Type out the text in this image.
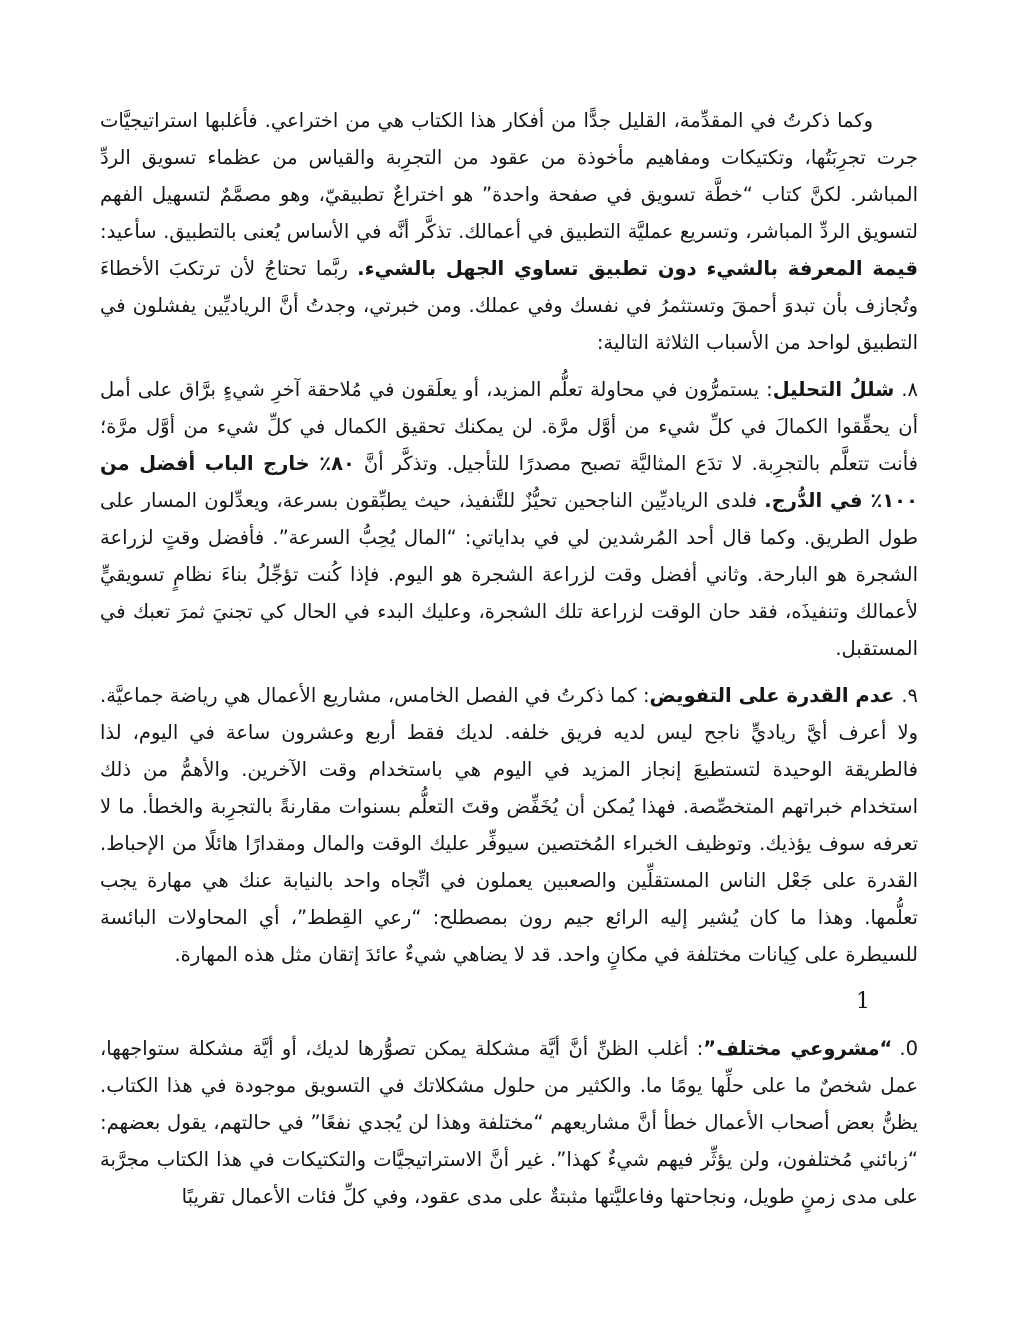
وكما ذكرتُ في المقدِّمة، القليل جدًّا من أفكار هذا الكتاب هي من اختراعي. فأغلبها استراتيجيَّات جرت تجرِبَتُها، وتكتيكات ومفاهيم مأخوذة من عقود من التجرِبة والقياس من عظماء تسويق الردِّ المباشر. لكنَّ كتاب “خطَّة تسويق في صفحة واحدة” هو اختراعٌ تطبيقيّ، وهو مصمَّمٌ لتسهيل الفهم لتسويق الردِّ المباشر، وتسريع عمليَّة التطبيق في أعمالك. تذكَّر أنَّه في الأساس يُعنى بالتطبيق. سأعيد: قيمة المعرفة بالشيء دون تطبيق تساوي الجهل بالشيء. ربَّما تحتاجُ لأن ترتكبَ الأخطاءَ وتُجازف بأن تبدوَ أحمقَ وتستثمرُ في نفسك وفي عملك. ومن خبرتي، وجدتُ أنَّ الرياديِّين يفشلون في التطبيق لواحد من الأسباب الثلاثة التالية:

٨.شللُ التحليل: يستمرُّون في محاولة تعلُّم المزيد، أو يعلَقون في مُلاحقة آخرِ شيءٍ برَّاق على أمل أن يحقِّقوا الكمالَ في كلِّ شيء من أوَّل مرَّة. لن يمكنك تحقيق الكمال في كلِّ شيء من أوَّل مرَّة؛ فأنت تتعلَّم بالتجرِبة. لا تدَع المثاليَّة تصبح مصدرًا للتأجيل. وتذكَّر أنَّ ٨٠٪ خارج الباب أفضل من ١٠٠٪ في الدُّرج. فلدى الرياديِّين الناجحين تحيُّزٌ للتَّنفيذ، حيث يطبِّقون بسرعة، ويعدِّلون المسار على طول الطريق. وكما قال أحد المُرشدين لي في بداياتي: “المال يُحِبُّ السرعة”. فأفضل وقتٍ لزراعة الشجرة هو البارحة. وثاني أفضل وقت لزراعة الشجرة هو اليوم. فإذا كُنت تؤجِّلُ بناءَ نظامٍ تسويقيٍّ لأعمالك وتنفيذَه، فقد حان الوقت لزراعة تلك الشجرة، وعليك البدء في الحال كي تجنيَ ثمرَ تعبك في المستقبل.

٩.عدم القدرة على التفويض: كما ذكرتُ في الفصل الخامس، مشاريع الأعمال هي رياضة جماعيَّة. ولا أعرف أيَّ رياديٍّ ناجح ليس لديه فريق خلفه. لديك فقط أربع وعشرون ساعة في اليوم، لذا فالطريقة الوحيدة لتستطيعَ إنجاز المزيد في اليوم هي باستخدام وقت الآخرين. والأهمُّ من ذلك استخدام خبراتهم المتخصِّصة. فهذا يُمكن أن يُخَفِّض وقتَ التعلُّم بسنوات مقارنةً بالتجرِبة والخطأ. ما لا تعرفه سوف يؤذيك. وتوظيف الخبراء المُختصين سيوفِّر عليك الوقت والمال ومقدارًا هائلًا من الإحباط. القدرة على جَعْل الناس المستقلِّين والصعبين يعملون في اتِّجاه واحد بالنيابة عنك هي مهارة يجب تعلُّمها. وهذا ما كان يُشير إليه الرائع جيم رون بمصطلح: “رعي القِطط”، أي المحاولات البائسة للسيطرة على كِيانات مختلفة في مكانٍ واحد. قد لا يضاهي شيءٌ عائدَ إتقان مثل هذه المهارة.

1

0.“مشروعي مختلف”: أغلب الظنِّ أنَّ أيَّة مشكلة يمكن تصوُّرها لديك، أو أيَّة مشكلة ستواجهها، عمل شخصٌ ما على حلِّها يومًا ما. والكثير من حلول مشكلاتك في التسويق موجودة في هذا الكتاب. يظنُّ بعض أصحاب الأعمال خطأ أنَّ مشاريعهم “مختلفة وهذا لن يُجدي نفعًا” في حالتهم، يقول بعضهم: “زبائني مُختلفون، ولن يؤثِّر فيهم شيءٌ كهذا”. غير أنَّ الاستراتيجيَّات والتكتيكات في هذا الكتاب مجرَّبة على مدى زمنٍ طويل، ونجاحتها وفاعليَّتها مثبتةٌ على مدى عقود، وفي كلِّ فئات الأعمال تقريبًا
